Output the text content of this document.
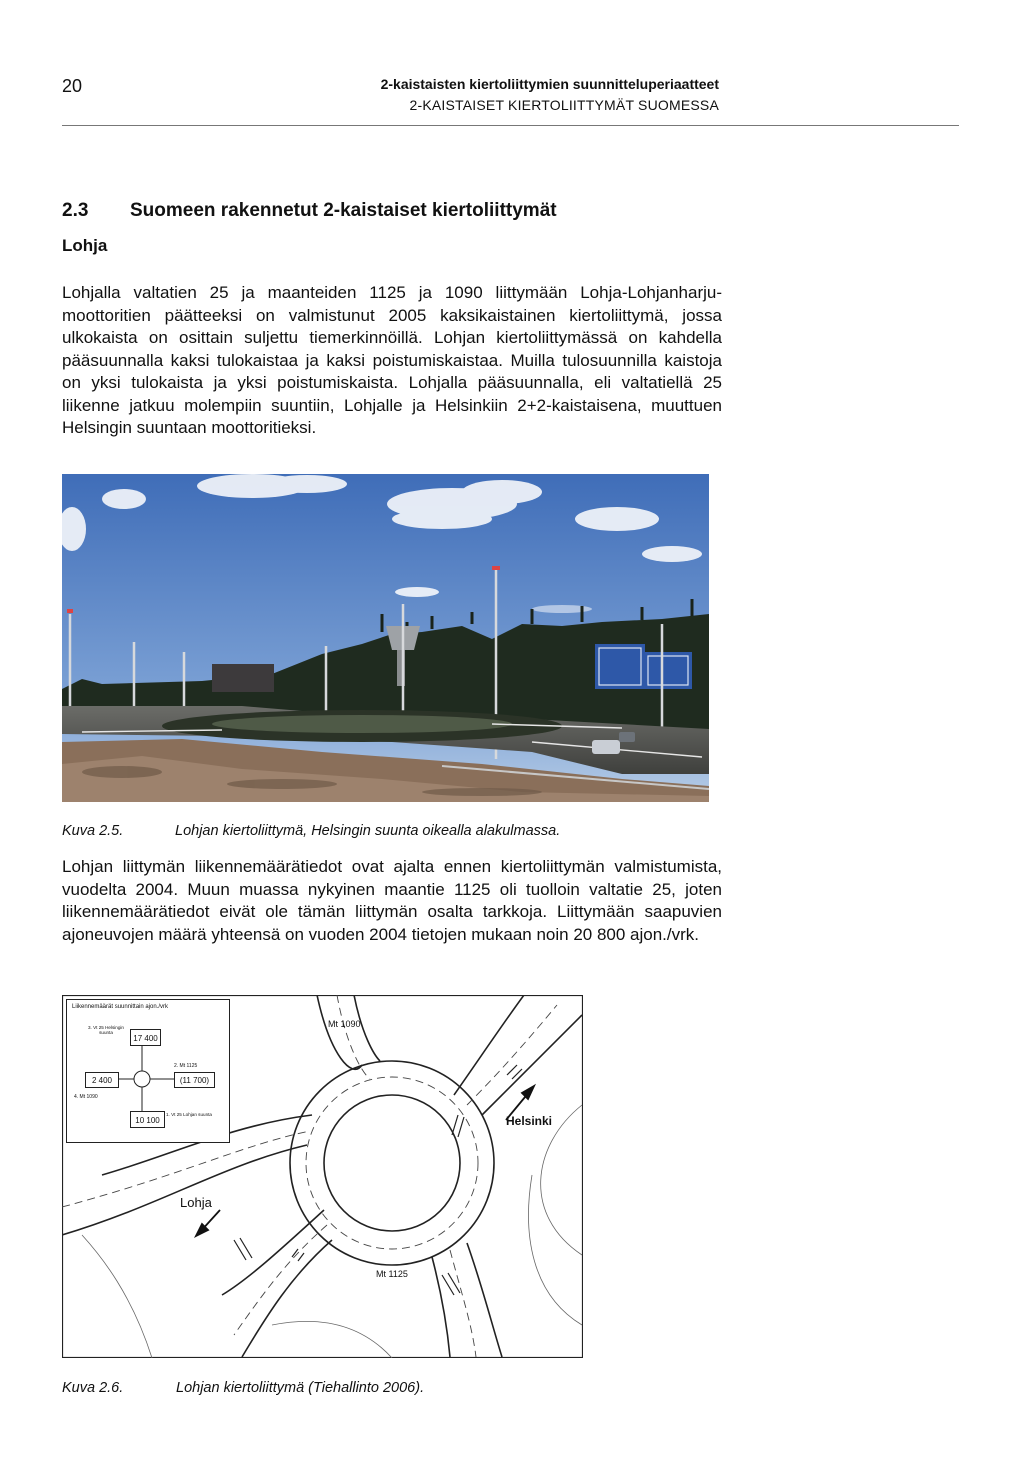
20	2-kaistaisten kiertoliittymien suunnitteluperiaatteet
2-KAISTAISET KIERTOLIITTYMÄT SUOMESSA
2.3 Suomeen rakennetut 2-kaistaiset kiertoliittymät
Lohja
Lohjalla valtatien 25 ja maanteiden 1125 ja 1090 liittymään Lohja-Lohjanharju-moottoritien päätteeksi on valmistunut 2005 kaksikaistainen kiertoliittymä, jossa ulkokaista on osittain suljettu tiemerkinnöillä. Lohjan kiertoliittymässä on kahdella pääsuunnalla kaksi tulokaistaa ja kaksi poistumiskaistaa. Muilla tulosuunnilla kaistoja on yksi tulokaista ja yksi poistumiskaista. Lohjalla pääsuunnalla, eli valtatiellä 25 liikenne jatkuu molempiin suuntiin, Lohjalle ja Helsinkiin 2+2-kaistaisena, muuttuen Helsingin suuntaan moottoritieksi.
Kuva 2.5.	Lohjan kiertoliittymä, Helsingin suunta oikealla alakulmassa.
Lohjan liittymän liikennemäärätiedot ovat ajalta ennen kiertoliittymän valmistumista, vuodelta 2004. Muun muassa nykyinen maantie 1125 oli tuolloin valtatie 25, joten liikennemäärätiedot eivät ole tämän liittymän osalta tarkkoja. Liittymään saapuvien ajoneuvojen määrä yhteensä on vuoden 2004 tietojen mukaan noin 20 800 ajon./vrk.
Mt 1090
Helsinki
Lohja
Mt 1125
Liikennemäärät suunnittain ajon./vrk
17 400
2 400	(11 700)
10 100
3. Vt 25 Helsingin suunta
2. Mt 1125
4. Mt 1090
1. Vt 25 Lohjan suunta
Kuva 2.6.	Lohjan kiertoliittymä (Tiehallinto 2006).
